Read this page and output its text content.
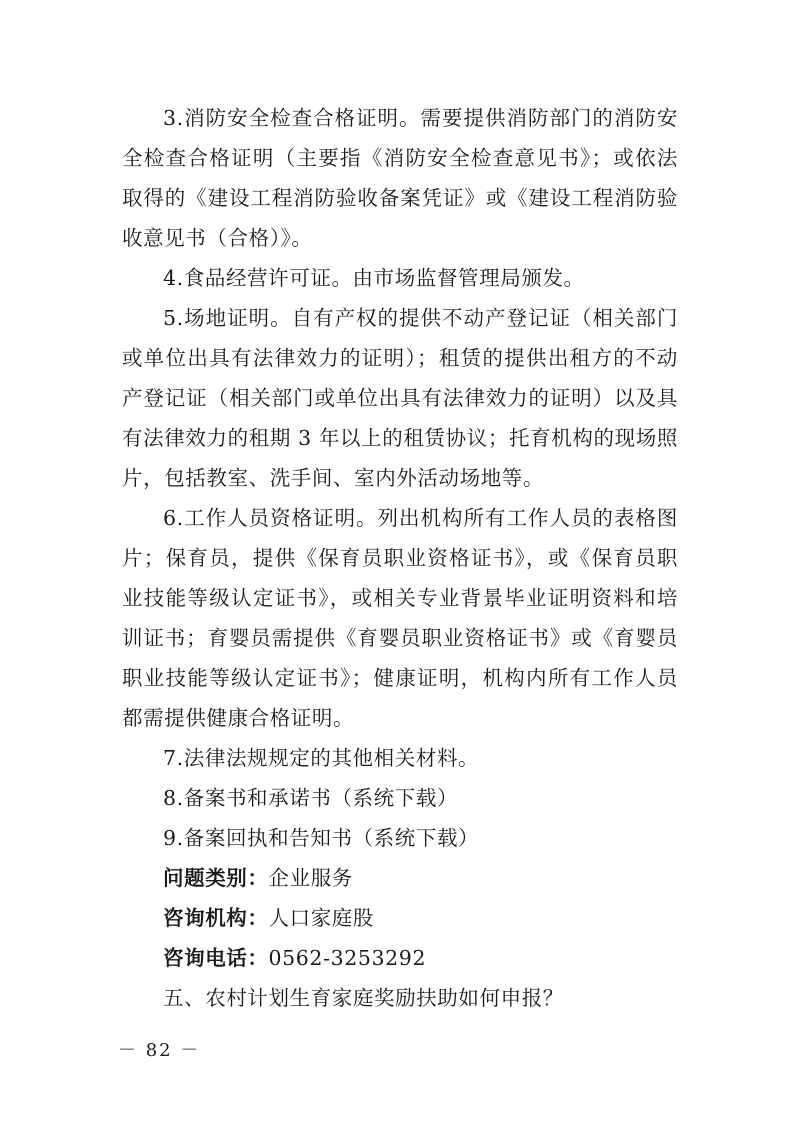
3.消防安全检查合格证明。需要提供消防部门的消防安全检查合格证明（主要指《消防安全检查意见书》；或依法取得的《建设工程消防验收备案凭证》或《建设工程消防验收意见书（合格）》。

4.食品经营许可证。由市场监督管理局颁发。

5.场地证明。自有产权的提供不动产登记证（相关部门或单位出具有法律效力的证明）；租赁的提供出租方的不动产登记证（相关部门或单位出具有法律效力的证明）以及具有法律效力的租期 3 年以上的租赁协议；托育机构的现场照片，包括教室、洗手间、室内外活动场地等。

6.工作人员资格证明。列出机构所有工作人员的表格图片；保育员，提供《保育员职业资格证书》，或《保育员职业技能等级认定证书》，或相关专业背景毕业证明资料和培训证书；育婴员需提供《育婴员职业资格证书》或《育婴员职业技能等级认定证书》；健康证明，机构内所有工作人员都需提供健康合格证明。

7.法律法规规定的其他相关材料。

8.备案书和承诺书（系统下载）

9.备案回执和告知书（系统下载）

问题类别：企业服务

咨询机构：人口家庭股

咨询电话：0562-3253292

五、农村计划生育家庭奖励扶助如何申报？

－ 82 －
